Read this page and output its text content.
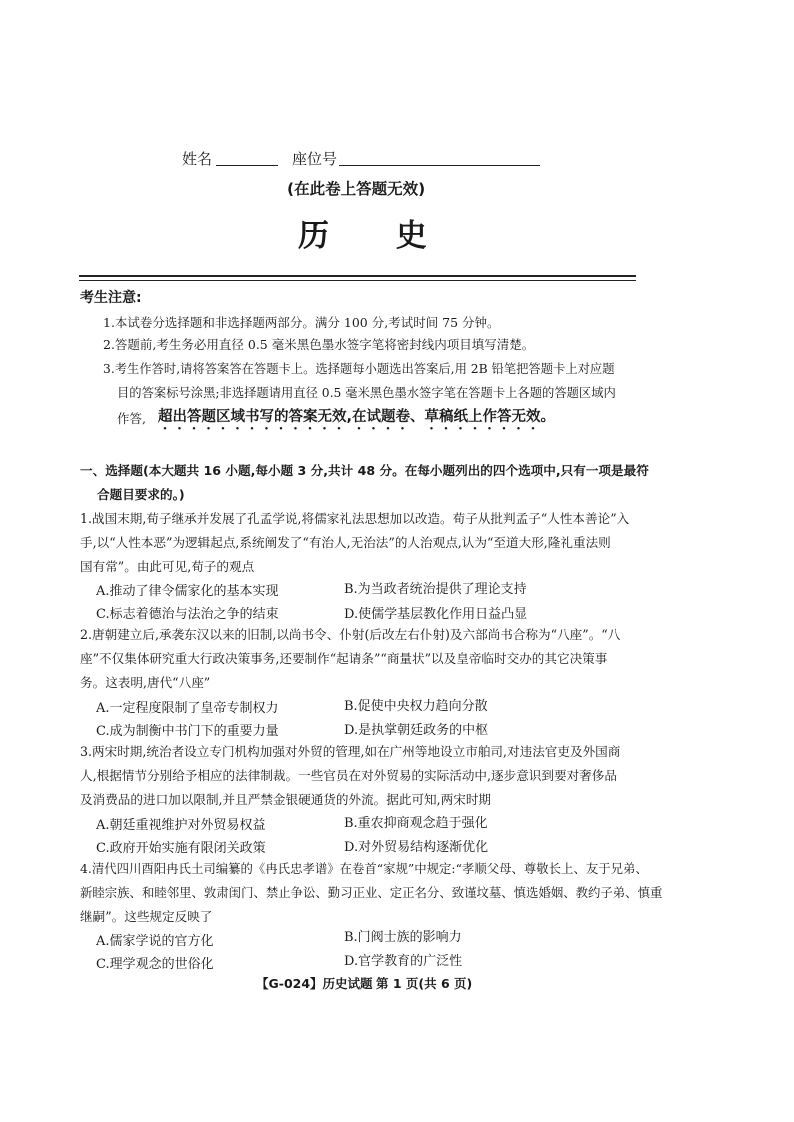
姓名	座位号
(在此卷上答题无效)
历 史
考生注意:
1.本试卷分选择题和非选择题两部分。满分 100 分,考试时间 75 分钟。
2.答题前,考生务必用直径 0.5 毫米黑色墨水签字笔将密封线内项目填写清楚。
3.考生作答时,请将答案答在答题卡上。选择题每小题选出答案后,用 2B 铅笔把答题卡上对应题
目的答案标号涂黑;非选择题请用直径 0.5 毫米黑色墨水签字笔在答题卡上各题的答题区域内
作答, 超出答题区域书写的答案无效,在试题卷、草稿纸上作答无效。
一、选择题(本大题共 16 小题,每小题 3 分,共计 48 分。在每小题列出的四个选项中,只有一项是最符
合题目要求的。)
1.战国末期,荀子继承并发展了孔孟学说,将儒家礼法思想加以改造。荀子从批判孟子“人性本善论”入
手,以“人性本恶”为逻辑起点,系统阐发了“有治人,无治法”的人治观点,认为“至道大形,隆礼重法则
国有常”。由此可见,荀子的观点
A.推动了律令儒家化的基本实现	B.为当政者统治提供了理论支持
C.标志着德治与法治之争的结束	D.使儒学基层教化作用日益凸显
2.唐朝建立后,承袭东汉以来的旧制,以尚书令、仆射(后改左右仆射)及六部尚书合称为“八座”。“八
座”不仅集体研究重大行政决策事务,还要制作“起请条”“商量状”以及皇帝临时交办的其它决策事
务。这表明,唐代“八座”
A.一定程度限制了皇帝专制权力	B.促使中央权力趋向分散
C.成为制衡中书门下的重要力量	D.是执掌朝廷政务的中枢
3.两宋时期,统治者设立专门机构加强对外贸的管理,如在广州等地设立市舶司,对违法官吏及外国商
人,根据情节分别给予相应的法律制裁。一些官员在对外贸易的实际活动中,逐步意识到要对奢侈品
及消费品的进口加以限制,并且严禁金银硬通货的外流。据此可知,两宋时期
A.朝廷重视维护对外贸易权益	B.重农抑商观念趋于强化
C.政府开始实施有限闭关政策	D.对外贸易结构逐渐优化
4.清代四川酉阳冉氏土司编纂的《冉氏忠孝谱》在卷首“家规”中规定:“孝顺父母、尊敬长上、友于兄弟、
新睦宗族、和睦邻里、敦肃闺门、禁止争讼、勤习正业、定正名分、致谨坟墓、慎选婚姻、教约子弟、慎重
继嗣”。这些规定反映了
A.儒家学说的官方化	B.门阀士族的影响力
C.理学观念的世俗化	D.官学教育的广泛性
【G-024】历史试题 第 1 页(共 6 页)
